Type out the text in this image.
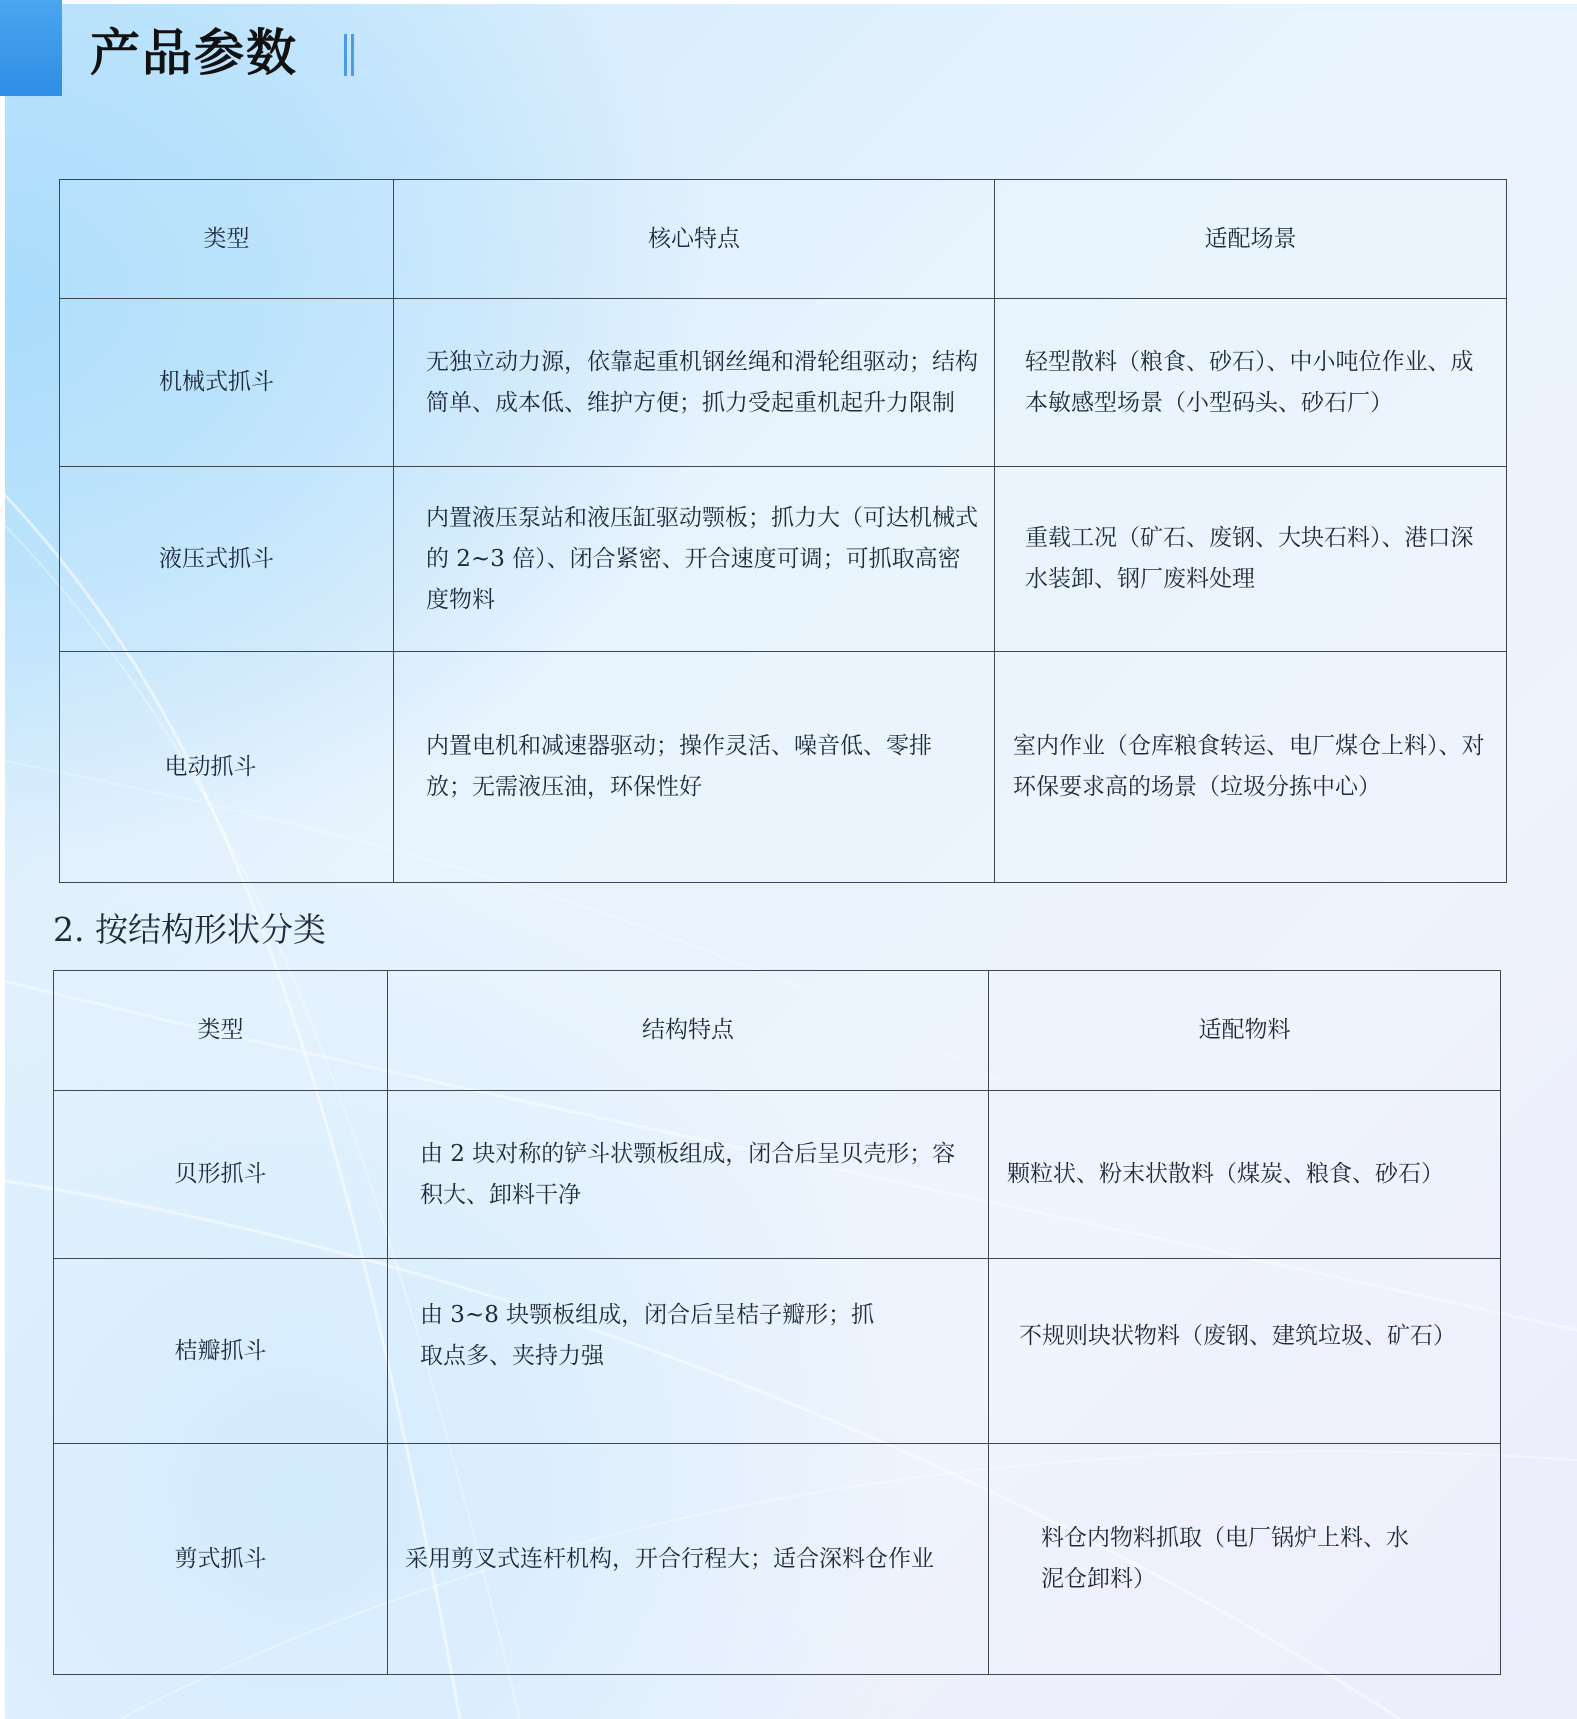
产品参数
类型	核心特点	适配场景
机械式抓斗	无独立动力源，依靠起重机钢丝绳和滑轮组驱动；结构简单、成本低、维护方便；抓力受起重机起升力限制	轻型散料（粮食、砂石）、中小吨位作业、成本敏感型场景（小型码头、砂石厂）
液压式抓斗	内置液压泵站和液压缸驱动颚板；抓力大（可达机械式的 2~3 倍）、闭合紧密、开合速度可调；可抓取高密度物料	重载工况（矿石、废钢、大块石料）、港口深水装卸、钢厂废料处理
电动抓斗	内置电机和减速器驱动；操作灵活、噪音低、零排放；无需液压油，环保性好	室内作业（仓库粮食转运、电厂煤仓上料）、对环保要求高的场景（垃圾分拣中心）
2. 按结构形状分类
类型	结构特点	适配物料
贝形抓斗	由 2 块对称的铲斗状颚板组成，闭合后呈贝壳形；容积大、卸料干净	颗粒状、粉末状散料（煤炭、粮食、砂石）
桔瓣抓斗	由 3~8 块颚板组成，闭合后呈桔子瓣形；抓取点多、夹持力强	不规则块状物料（废钢、建筑垃圾、矿石）
剪式抓斗	采用剪叉式连杆机构，开合行程大；适合深料仓作业	料仓内物料抓取（电厂锅炉上料、水泥仓卸料）
